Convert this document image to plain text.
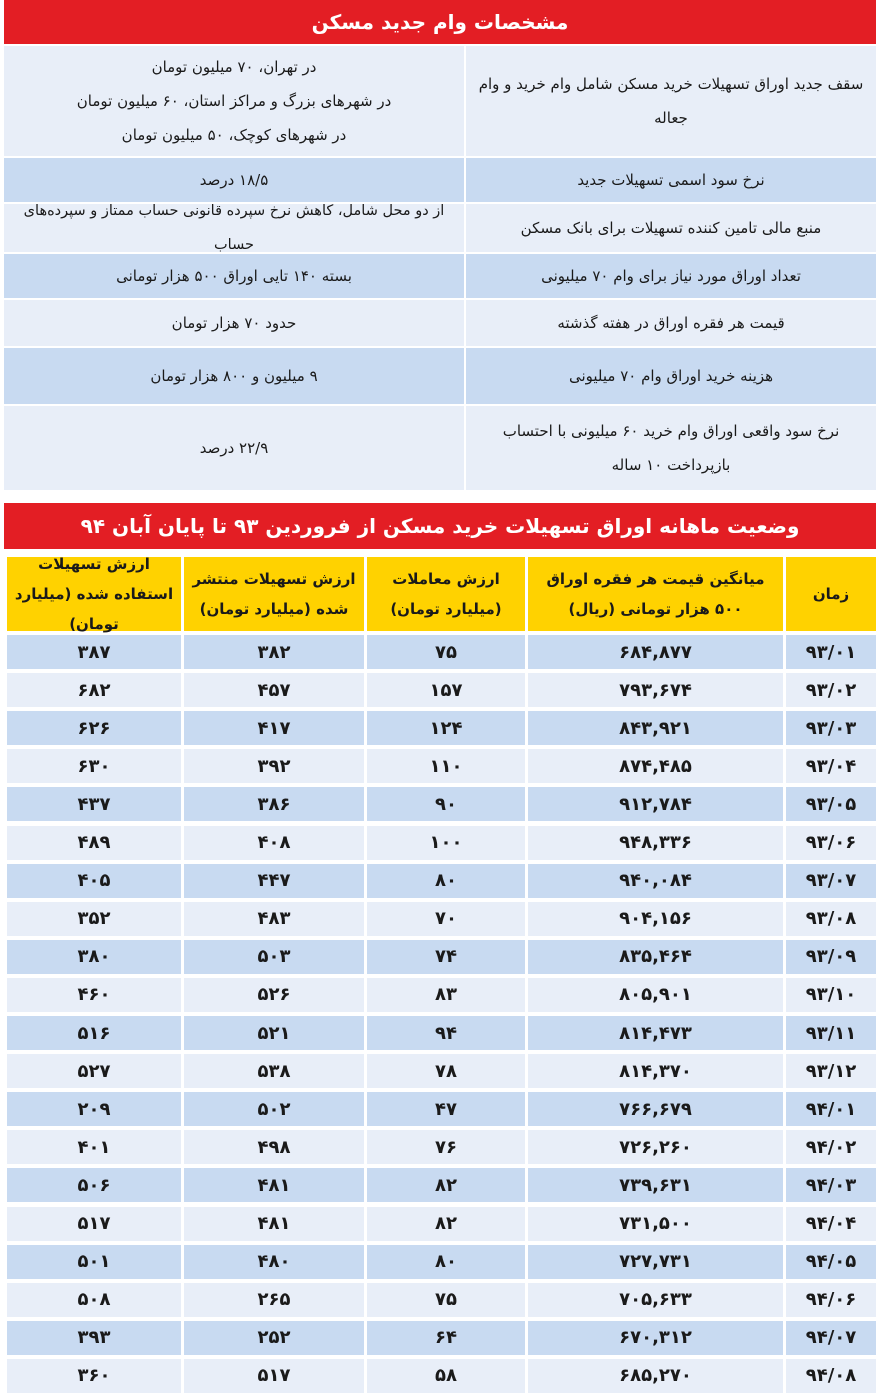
مشخصات وام جدید مسکن
سقف جدید اوراق تسهیلات خرید مسکن شامل وام خرید و وام جعاله
در تهران، ۷۰ میلیون تومان
در شهرهای بزرگ و مراکز استان، ۶۰ میلیون تومان
در شهرهای کوچک، ۵۰ میلیون تومان
نرخ سود اسمی تسهیلات جدید
۱۸/۵ درصد
منبع مالی تامین کننده تسهیلات برای بانک مسکن
از دو محل شامل، کاهش نرخ سپرده قانونی حساب ممتاز و سپرده‌های حساب
تعداد اوراق مورد نیاز برای وام ۷۰ میلیونی
بسته ۱۴۰ تایی اوراق ۵۰۰ هزار تومانی
قیمت هر فقره اوراق در هفته گذشته
حدود ۷۰ هزار تومان
هزینه خرید اوراق وام ۷۰ میلیونی
۹ میلیون و ۸۰۰ هزار تومان
نرخ سود واقعی اوراق وام خرید ۶۰ میلیونی با احتساب بازپرداخت ۱۰ ساله
۲۲/۹ درصد
وضعیت ماهانه اوراق تسهیلات خرید مسکن از فروردین ۹۳ تا پایان آبان ۹۴
زمان
میانگین قیمت هر فقره اوراق ۵۰۰ هزار تومانی (ریال)
ارزش معاملات (میلیارد تومان)
ارزش تسهیلات منتشر شده (میلیارد تومان)
ارزش تسهیلات استفاده شده (میلیارد تومان)
۹۳/۰۱
۶۸۴,۸۷۷
۷۵
۳۸۲
۳۸۷
۹۳/۰۲
۷۹۳,۶۷۴
۱۵۷
۴۵۷
۶۸۲
۹۳/۰۳
۸۴۳,۹۲۱
۱۲۴
۴۱۷
۶۲۶
۹۳/۰۴
۸۷۴,۴۸۵
۱۱۰
۳۹۲
۶۳۰
۹۳/۰۵
۹۱۲,۷۸۴
۹۰
۳۸۶
۴۳۷
۹۳/۰۶
۹۴۸,۳۳۶
۱۰۰
۴۰۸
۴۸۹
۹۳/۰۷
۹۴۰,۰۸۴
۸۰
۴۴۷
۴۰۵
۹۳/۰۸
۹۰۴,۱۵۶
۷۰
۴۸۳
۳۵۲
۹۳/۰۹
۸۳۵,۴۶۴
۷۴
۵۰۳
۳۸۰
۹۳/۱۰
۸۰۵,۹۰۱
۸۳
۵۲۶
۴۶۰
۹۳/۱۱
۸۱۴,۴۷۳
۹۴
۵۲۱
۵۱۶
۹۳/۱۲
۸۱۴,۳۷۰
۷۸
۵۳۸
۵۲۷
۹۴/۰۱
۷۶۶,۶۷۹
۴۷
۵۰۲
۲۰۹
۹۴/۰۲
۷۲۶,۲۶۰
۷۶
۴۹۸
۴۰۱
۹۴/۰۳
۷۳۹,۶۳۱
۸۲
۴۸۱
۵۰۶
۹۴/۰۴
۷۳۱,۵۰۰
۸۲
۴۸۱
۵۱۷
۹۴/۰۵
۷۲۷,۷۳۱
۸۰
۴۸۰
۵۰۱
۹۴/۰۶
۷۰۵,۶۳۳
۷۵
۲۶۵
۵۰۸
۹۴/۰۷
۶۷۰,۳۱۲
۶۴
۲۵۲
۳۹۳
۹۴/۰۸
۶۸۵,۲۷۰
۵۸
۵۱۷
۳۶۰
